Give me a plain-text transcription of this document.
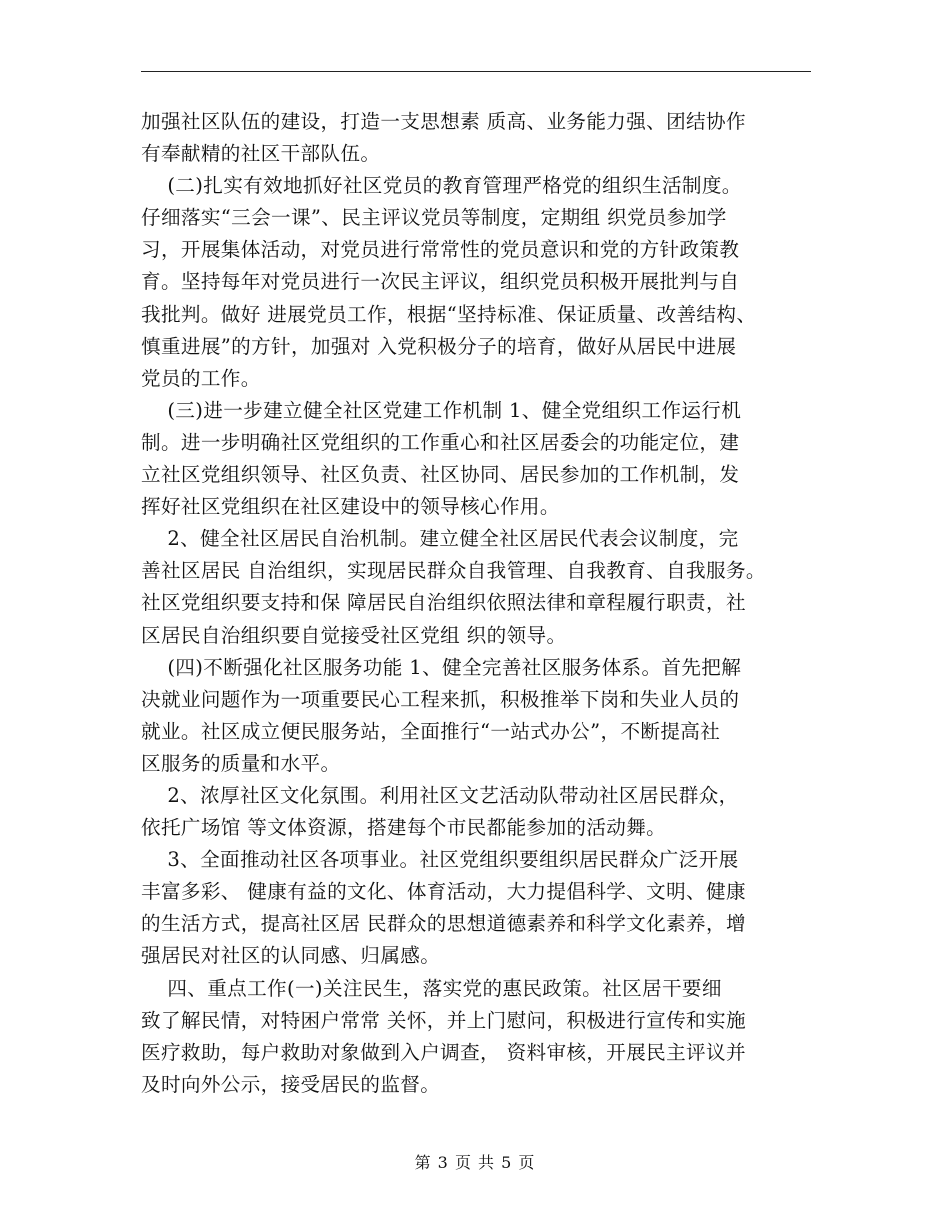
加强社区队伍的建设，打造一支思想素 质高、业务能力强、团结协作
有奉献精的社区干部队伍。
(二)扎实有效地抓好社区党员的教育管理严格党的组织生活制度。
仔细落实“三会一课”、民主评议党员等制度，定期组 织党员参加学
习，开展集体活动，对党员进行常常性的党员意识和党的方针政策教
育。坚持每年对党员进行一次民主评议，组织党员积极开展批判与自
我批判。做好 进展党员工作，根据“坚持标准、保证质量、改善结构、
慎重进展”的方针，加强对 入党积极分子的培育，做好从居民中进展
党员的工作。
(三)进一步建立健全社区党建工作机制 1、健全党组织工作运行机
制。进一步明确社区党组织的工作重心和社区居委会的功能定位，建
立社区党组织领导、社区负责、社区协同、居民参加的工作机制，发
挥好社区党组织在社区建设中的领导核心作用。
2、健全社区居民自治机制。建立健全社区居民代表会议制度，完
善社区居民 自治组织，实现居民群众自我管理、自我教育、自我服务。
社区党组织要支持和保 障居民自治组织依照法律和章程履行职责，社
区居民自治组织要自觉接受社区党组 织的领导。
(四)不断强化社区服务功能 1、健全完善社区服务体系。首先把解
决就业问题作为一项重要民心工程来抓，积极推举下岗和失业人员的
就业。社区成立便民服务站，全面推行“一站式办公”，不断提高社
区服务的质量和水平。
2、浓厚社区文化氛围。利用社区文艺活动队带动社区居民群众，
依托广场馆 等文体资源，搭建每个市民都能参加的活动舞。
3、全面推动社区各项事业。社区党组织要组织居民群众广泛开展
丰富多彩、 健康有益的文化、体育活动，大力提倡科学、文明、健康
的生活方式，提高社区居 民群众的思想道德素养和科学文化素养，增
强居民对社区的认同感、归属感。
四、重点工作(一)关注民生，落实党的惠民政策。社区居干要细
致了解民情，对特困户常常 关怀，并上门慰问，积极进行宣传和实施
医疗救助，每户救助对象做到入户调查， 资料审核，开展民主评议并
及时向外公示，接受居民的监督。
第 3 页 共 5 页
